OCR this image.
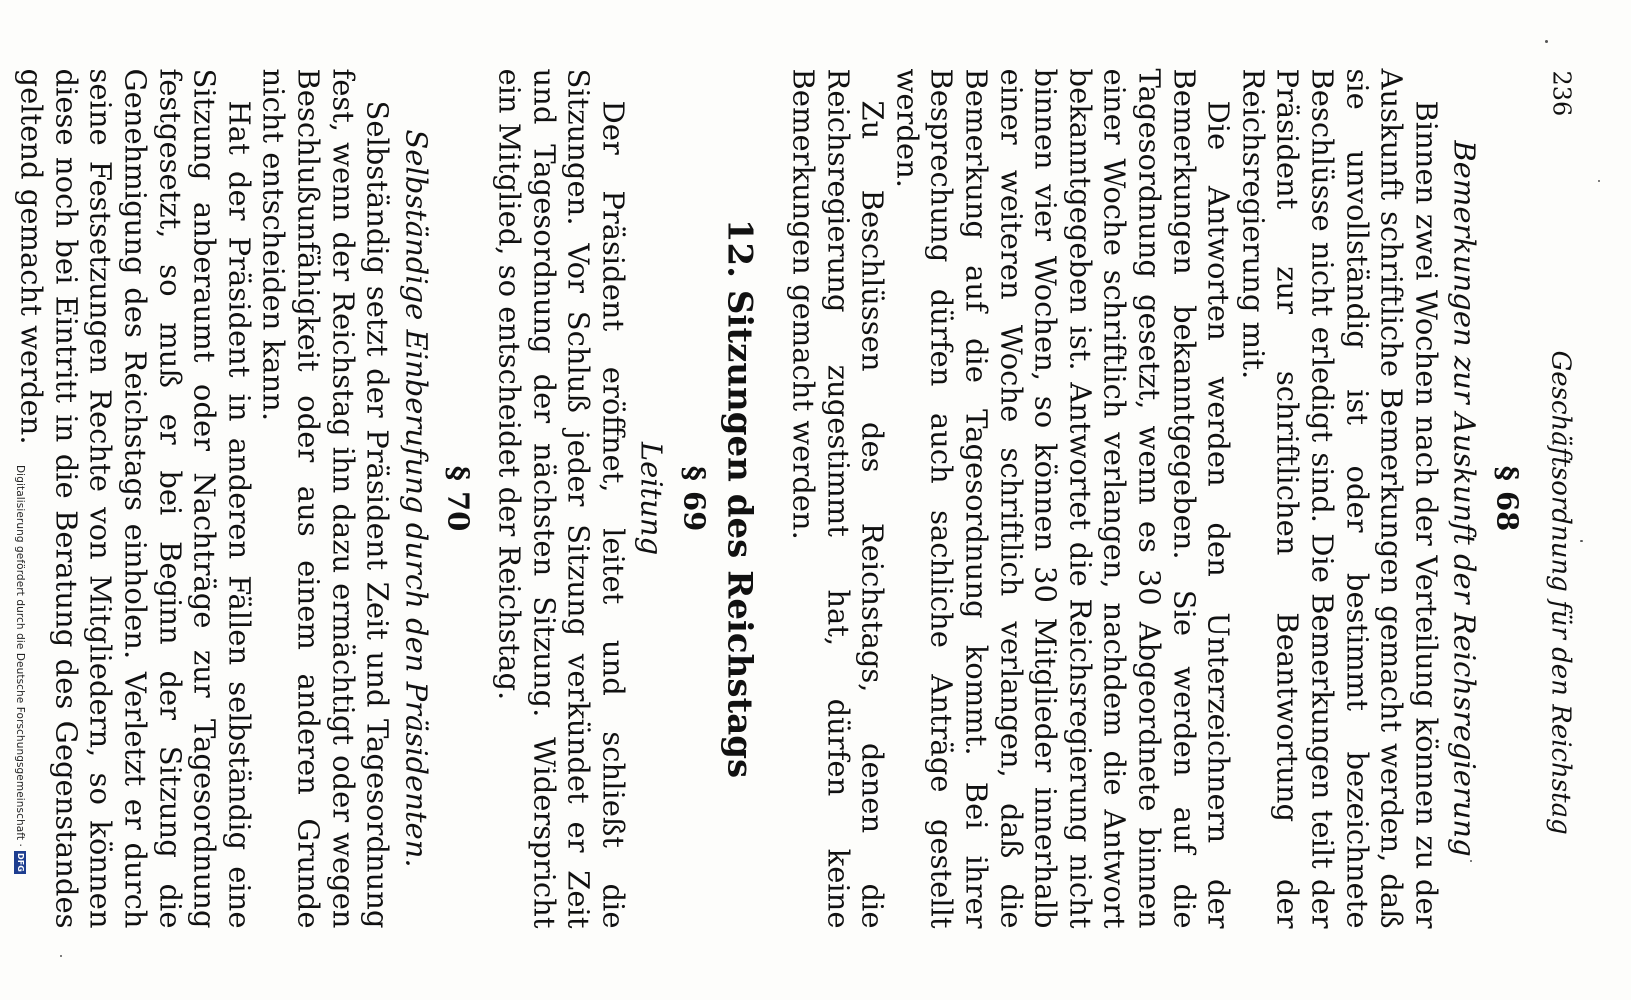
236
Geschäftsordnung für den Reichstag
§ 68
Bemerkungen zur Auskunft der Reichsregierung

Binnen zwei Wochen nach der Verteilung können zu der Auskunft schriftliche Bemerkungen gemacht werden, daß sie unvollständig ist oder bestimmt bezeichnete Beschlüsse nicht erledigt sind. Die Bemerkungen teilt der Präsident zur schriftlichen Beantwortung der Reichsregierung mit.

Die Antworten werden den Unterzeichnern der Bemerkungen bekanntgegeben. Sie werden auf die Tagesordnung gesetzt, wenn es 30 Abgeordnete binnen einer Woche schriftlich verlangen, nachdem die Antwort bekanntgegeben ist. Antwortet die Reichsregierung nicht binnen vier Wochen, so können 30 Mitglieder innerhalb einer weiteren Woche schriftlich verlangen, daß die Bemerkung auf die Tagesordnung kommt. Bei ihrer Besprechung dürfen auch sachliche Anträge gestellt werden.

Zu Beschlüssen des Reichstags, denen die Reichsregierung zugestimmt hat, dürfen keine Bemerkungen gemacht werden.

12. Sitzungen des Reichstags
§ 69
Leitung

Der Präsident eröffnet, leitet und schließt die Sitzungen. Vor Schluß jeder Sitzung verkündet er Zeit und Tagesordnung der nächsten Sitzung. Widerspricht ein Mitglied, so entscheidet der Reichstag.

§ 70
Selbständige Einberufung durch den Präsidenten.

Selbständig setzt der Präsident Zeit und Tagesordnung fest, wenn der Reichstag ihn dazu ermächtigt oder wegen Beschlußunfähigkeit oder aus einem anderen Grunde nicht entscheiden kann.

Hat der Präsident in anderen Fällen selbständig eine Sitzung anberaumt oder Nachträge zur Tagesordnung festgesetzt, so muß er bei Beginn der Sitzung die Genehmigung des Reichstags einholen. Verletzt er durch seine Festsetzungen Rechte von Mitgliedern, so können diese noch bei Eintritt in die Beratung des Gegenstandes geltend gemacht werden.

Digitalisierung gefördert durch die Deutsche Forschungsgemeinschaft ·
DFG
